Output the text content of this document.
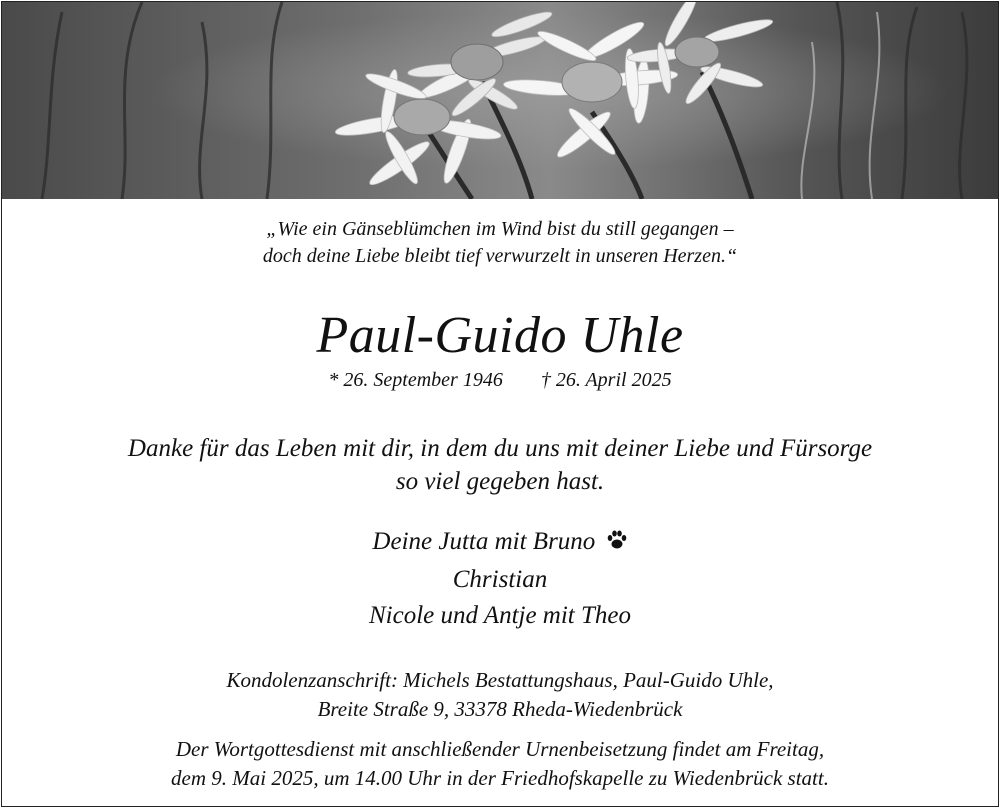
„Wie ein Gänseblümchen im Wind bist du still gegangen –
doch deine Liebe bleibt tief verwurzelt in unseren Herzen.“
Paul-Guido Uhle
* 26. September 1946 † 26. April 2025
Danke für das Leben mit dir, in dem du uns mit deiner Liebe und Fürsorge
so viel gegeben hast.
Deine Jutta mit Bruno
Christian
Nicole und Antje mit Theo
Kondolenzanschrift: Michels Bestattungshaus, Paul-Guido Uhle,
Breite Straße 9, 33378 Rheda-Wiedenbrück
Der Wortgottesdienst mit anschließender Urnenbeisetzung findet am Freitag,
dem 9. Mai 2025, um 14.00 Uhr in der Friedhofskapelle zu Wiedenbrück statt.
